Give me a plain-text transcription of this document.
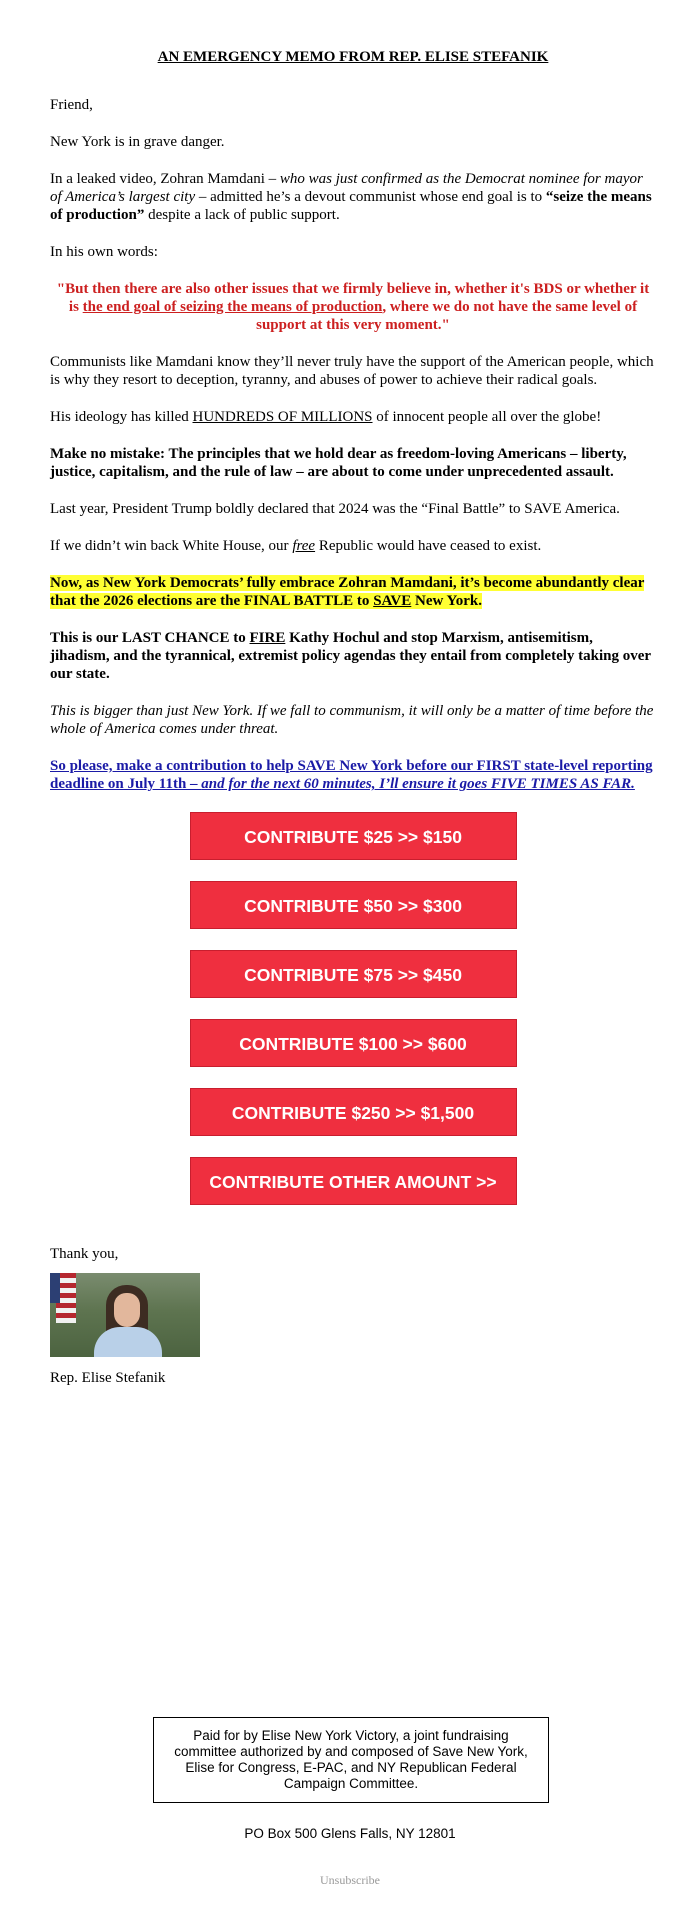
AN EMERGENCY MEMO FROM REP. ELISE STEFANIK

Friend,

New York is in grave danger.

In a leaked video, Zohran Mamdani – who was just confirmed as the Democrat nominee for mayor of America’s largest city – admitted he’s a devout communist whose end goal is to “seize the means of production” despite a lack of public support.

In his own words:

"But then there are also other issues that we firmly believe in, whether it's BDS or whether it is the end goal of seizing the means of production, where we do not have the same level of support at this very moment."

Communists like Mamdani know they’ll never truly have the support of the American people, which is why they resort to deception, tyranny, and abuses of power to achieve their radical goals.

His ideology has killed HUNDREDS OF MILLIONS of innocent people all over the globe!

Make no mistake: The principles that we hold dear as freedom-loving Americans – liberty, justice, capitalism, and the rule of law – are about to come under unprecedented assault.

Last year, President Trump boldly declared that 2024 was the “Final Battle” to SAVE America.

If we didn’t win back White House, our free Republic would have ceased to exist.

Now, as New York Democrats’ fully embrace Zohran Mamdani, it’s become abundantly clear that the 2026 elections are the FINAL BATTLE to SAVE New York.

This is our LAST CHANCE to FIRE Kathy Hochul and stop Marxism, antisemitism, jihadism, and the tyrannical, extremist policy agendas they entail from completely taking over our state.

This is bigger than just New York. If we fall to communism, it will only be a matter of time before the whole of America comes under threat.

So please, make a contribution to help SAVE New York before our FIRST state-level reporting deadline on July 11th – and for the next 60 minutes, I’ll ensure it goes FIVE TIMES AS FAR.

CONTRIBUTE $25 >> $150
CONTRIBUTE $50 >> $300
CONTRIBUTE $75 >> $450
CONTRIBUTE $100 >> $600
CONTRIBUTE $250 >> $1,500
CONTRIBUTE OTHER AMOUNT >>

Thank you,

Rep. Elise Stefanik

Paid for by Elise New York Victory, a joint fundraising committee authorized by and composed of Save New York, Elise for Congress, E-PAC, and NY Republican Federal Campaign Committee.
PO Box 500 Glens Falls, NY 12801
Unsubscribe
